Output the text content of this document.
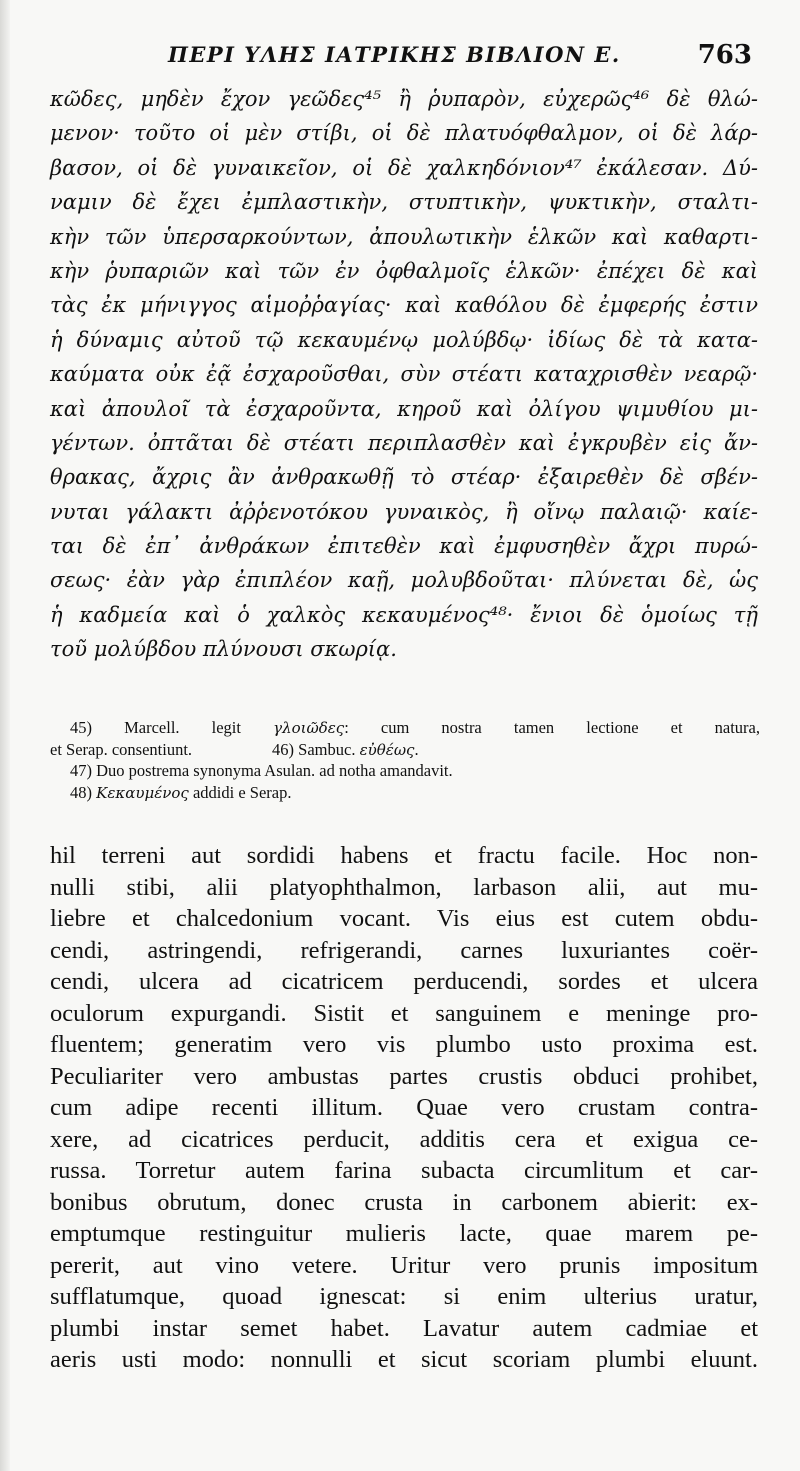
ΠΕΡΙ ΥΛΗΣ ΙΑΤΡΙΚΗΣ ΒΙΒΛΙΟΝ Ε.	763
κῶδες, μηδὲν ἔχον γεῶδες⁴⁵ ἢ ῥυπαρὸν, εὐχερῶς⁴⁶ δὲ θλώ-
μενον· τοῦτο οἱ μὲν στίβι, οἱ δὲ πλατυόφθαλμον, οἱ δὲ λάρ-
βασον, οἱ δὲ γυναικεῖον, οἱ δὲ χαλκηδόνιον⁴⁷ ἐκάλεσαν. Δύ-
ναμιν δὲ ἔχει ἐμπλαστικὴν, στυπτικὴν, ψυκτικὴν, σταλτι-
κὴν τῶν ὑπερσαρκούντων, ἀπουλωτικὴν ἑλκῶν καὶ καθαρτι-
κὴν ῥυπαριῶν καὶ τῶν ἐν ὀφθαλμοῖς ἑλκῶν· ἐπέχει δὲ καὶ
τὰς ἐκ μήνιγγος αἱμοῤῥαγίας· καὶ καθόλου δὲ ἐμφερής ἐστιν
ἡ δύναμις αὐτοῦ τῷ κεκαυμένῳ μολύβδῳ· ἰδίως δὲ τὰ κατα-
καύματα οὐκ ἐᾷ ἐσχαροῦσθαι, σὺν στέατι καταχρισθὲν νεαρῷ·
καὶ ἀπουλοῖ τὰ ἐσχαροῦντα, κηροῦ καὶ ὀλίγου ψιμυθίου μι-
γέντων. ὀπτᾶται δὲ στέατι περιπλασθὲν καὶ ἐγκρυβὲν εἰς ἄν-
θρακας, ἄχρις ἂν ἀνθρακωθῇ τὸ στέαρ· ἐξαιρεθὲν δὲ σβέν-
νυται γάλακτι ἀῤῥενοτόκου γυναικὸς, ἢ οἴνῳ παλαιῷ· καίε-
ται δὲ ἐπ᾿ ἀνθράκων ἐπιτεθὲν καὶ ἐμφυσηθὲν ἄχρι πυρώ-
σεως· ἐὰν γὰρ ἐπιπλέον καῇ, μολυβδοῦται· πλύνεται δὲ, ὡς
ἡ καδμεία καὶ ὁ χαλκὸς κεκαυμένος⁴⁸· ἔνιοι δὲ ὁμοίως τῇ
τοῦ μολύβδου πλύνουσι σκωρίᾳ.
45) Marcell. legit γλοιῶδες: cum nostra tamen lectione et natura,
et Serap. consentiunt.	46) Sambuc. εὐθέως.
47) Duo postrema synonyma Asulan. ad notha amandavit.
48) Κεκαυμένος addidi e Serap.
hil terreni aut sordidi habens et fractu facile. Hoc non-
nulli stibi, alii platyophthalmon, larbason alii, aut mu-
liebre et chalcedonium vocant. Vis eius est cutem obdu-
cendi, astringendi, refrigerandi, carnes luxuriantes coër-
cendi, ulcera ad cicatricem perducendi, sordes et ulcera
oculorum expurgandi. Sistit et sanguinem e meninge pro-
fluentem; generatim vero vis plumbo usto proxima est.
Peculiariter vero ambustas partes crustis obduci prohibet,
cum adipe recenti illitum. Quae vero crustam contra-
xere, ad cicatrices perducit, additis cera et exigua ce-
russa. Torretur autem farina subacta circumlitum et car-
bonibus obrutum, donec crusta in carbonem abierit: ex-
emptumque restinguitur mulieris lacte, quae marem pe-
pererit, aut vino vetere. Uritur vero prunis impositum
sufflatumque, quoad ignescat: si enim ulterius uratur,
plumbi instar semet habet. Lavatur autem cadmiae et
aeris usti modo: nonnulli et sicut scoriam plumbi eluunt.
